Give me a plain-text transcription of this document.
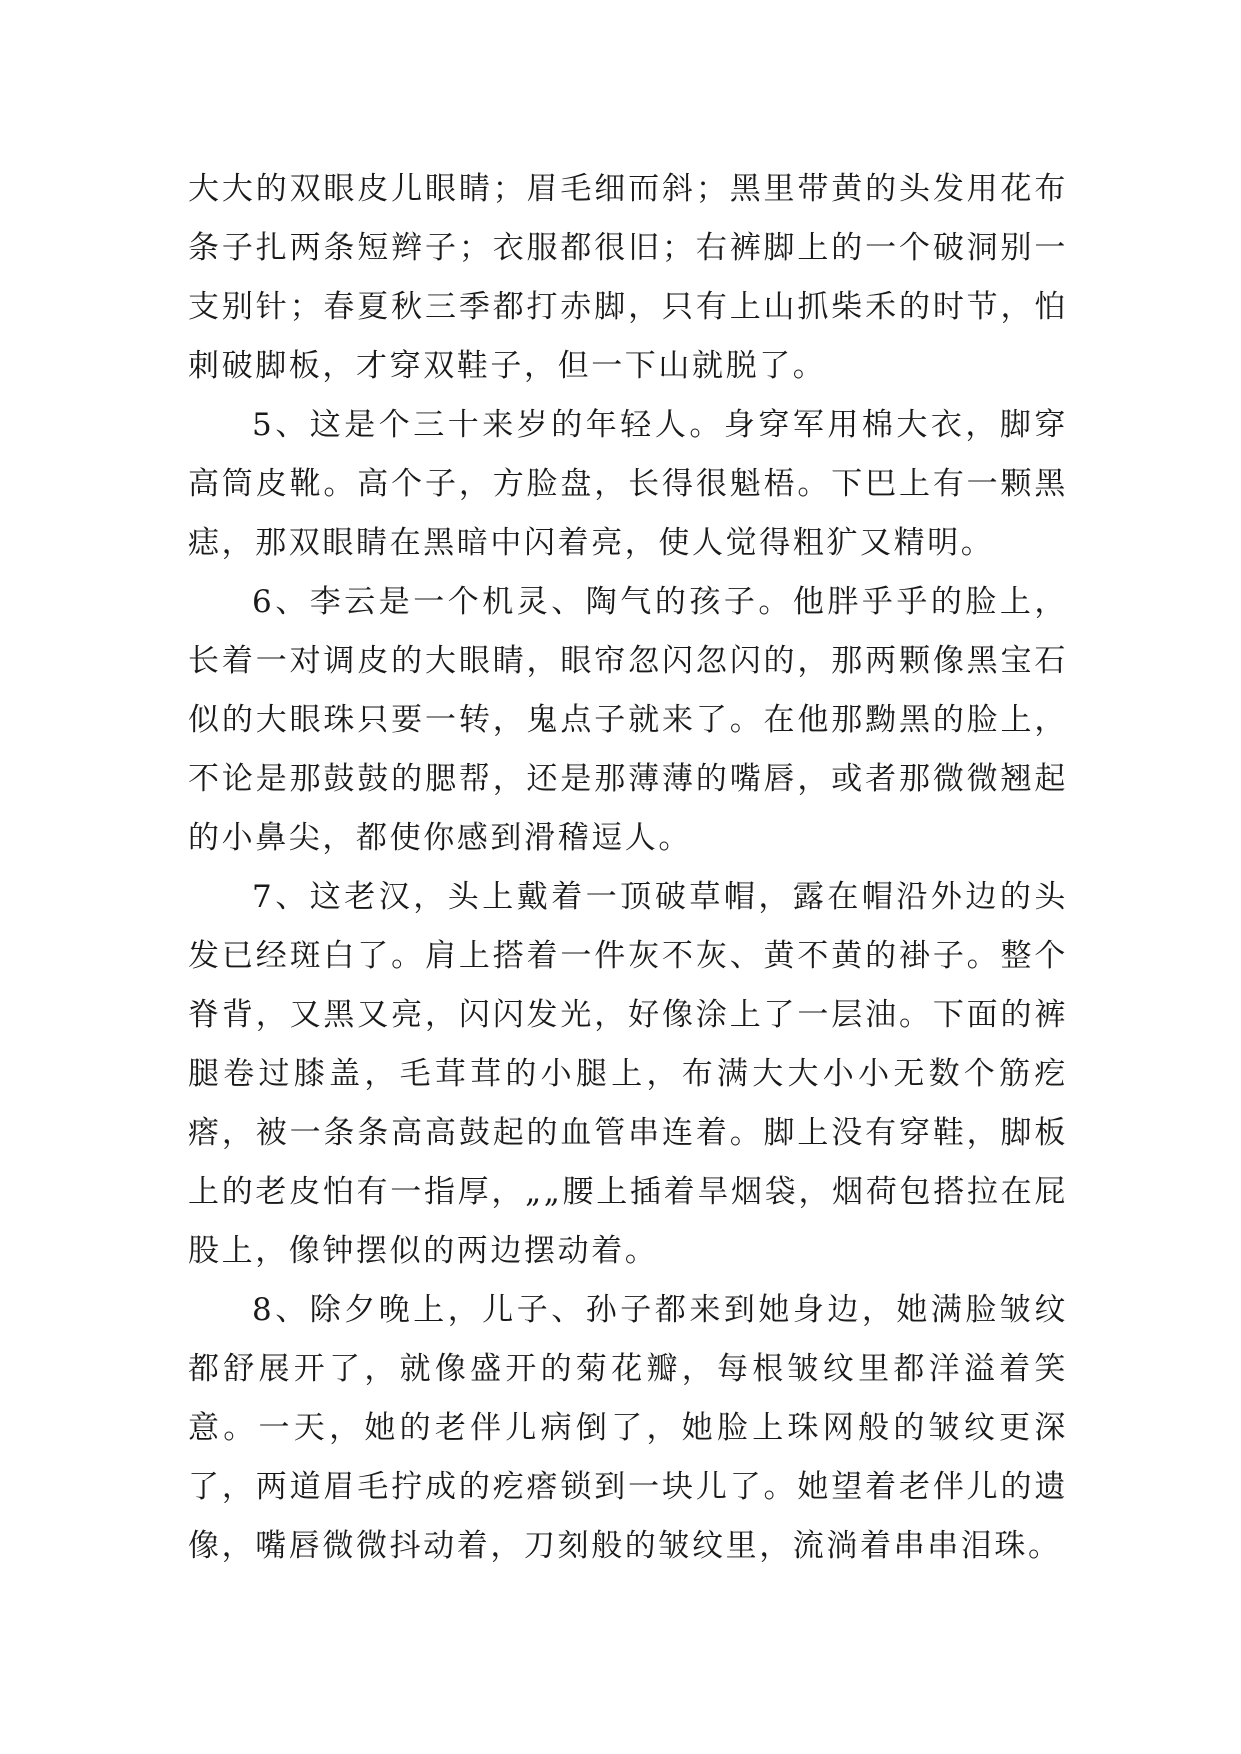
大大的双眼皮儿眼睛；眉毛细而斜；黑里带黄的头发用花布条子扎两条短辫子；衣服都很旧；右裤脚上的一个破洞别一支别针；春夏秋三季都打赤脚，只有上山抓柴禾的时节，怕刺破脚板，才穿双鞋子，但一下山就脱了。

5、这是个三十来岁的年轻人。身穿军用棉大衣，脚穿高筒皮靴。高个子，方脸盘，长得很魁梧。下巴上有一颗黑痣，那双眼睛在黑暗中闪着亮，使人觉得粗犷又精明。

6、李云是一个机灵、陶气的孩子。他胖乎乎的脸上，长着一对调皮的大眼睛，眼帘忽闪忽闪的，那两颗像黑宝石似的大眼珠只要一转，鬼点子就来了。在他那黝黑的脸上，不论是那鼓鼓的腮帮，还是那薄薄的嘴唇，或者那微微翘起的小鼻尖，都使你感到滑稽逗人。

7、这老汉，头上戴着一顶破草帽，露在帽沿外边的头发已经斑白了。肩上搭着一件灰不灰、黄不黄的褂子。整个脊背，又黑又亮，闪闪发光，好像涂上了一层油。下面的裤腿卷过膝盖，毛茸茸的小腿上，布满大大小小无数个筋疙瘩，被一条条高高鼓起的血管串连着。脚上没有穿鞋，脚板上的老皮怕有一指厚，„„腰上插着旱烟袋，烟荷包搭拉在屁股上，像钟摆似的两边摆动着。

8、除夕晚上，儿子、孙子都来到她身边，她满脸皱纹都舒展开了，就像盛开的菊花瓣，每根皱纹里都洋溢着笑意。一天，她的老伴儿病倒了，她脸上珠网般的皱纹更深了，两道眉毛拧成的疙瘩锁到一块儿了。她望着老伴儿的遗像，嘴唇微微抖动着，刀刻般的皱纹里，流淌着串串泪珠。
